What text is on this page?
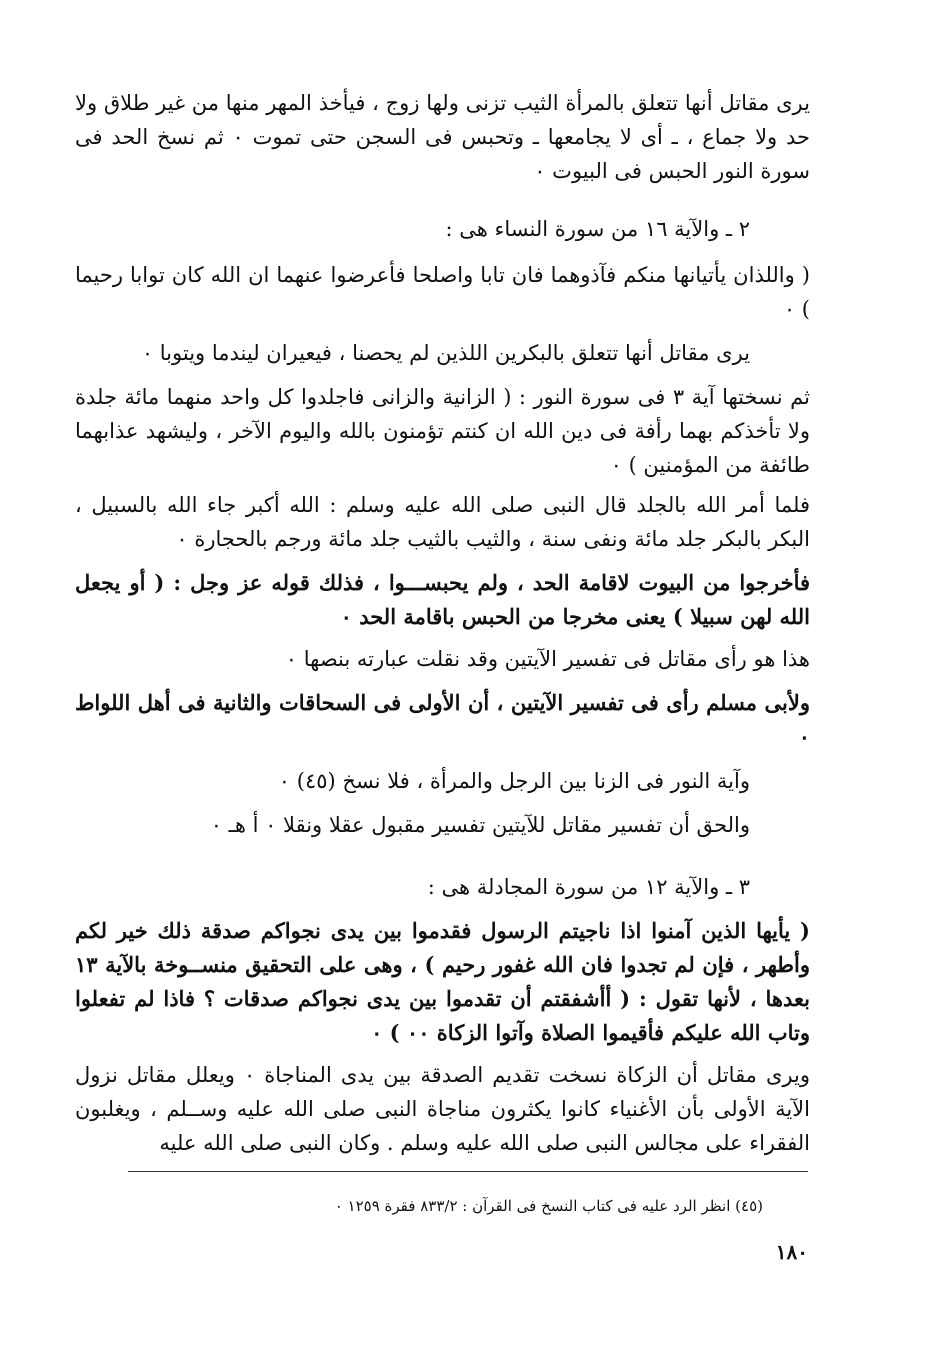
يرى مقاتل أنها تتعلق بالمرأة الثيب تزنى ولها زوج ، فيأخذ المهر منها من غير طلاق ولا حد ولا جماع ، ـ أى لا يجامعها ـ وتحبس فى السجن حتى تموت ٠ ثم نسخ الحد فى سورة النور الحبس فى البيوت ٠

٢ ـ والآية ١٦ من سورة النساء هى :

( واللذان يأتيانها منكم فآذوهما فان تابا واصلحا فأعرضوا عنهما ان الله كان توابا رحيما ) ٠

يرى مقاتل أنها تتعلق بالبكرين اللذين لم يحصنا ، فيعيران ليندما ويتوبا ٠

ثم نسختها آية ٣ فى سورة النور : ( الزانية والزانى فاجلدوا كل واحد منهما مائة جلدة ولا تأخذكم بهما رأفة فى دين الله ان كنتم تؤمنون بالله واليوم الآخر ، وليشهد عذابهما طائفة من المؤمنين ) ٠

فلما أمر الله بالجلد قال النبى صلى الله عليه وسلم : الله أكبر جاء الله بالسبيل ، البكر بالبكر جلد مائة ونفى سنة ، والثيب بالثيب جلد مائة ورجم بالحجارة ٠

فأخرجوا من البيوت لاقامة الحد ، ولم يحبســـوا ، فذلك قوله عز وجل : ( أو يجعل الله لهن سبيلا ) يعنى مخرجا من الحبس باقامة الحد ٠

هذا هو رأى مقاتل فى تفسير الآيتين وقد نقلت عبارته بنصها ٠

ولأبى مسلم رأى فى تفسير الآيتين ، أن الأولى فى السحاقات والثانية فى أهل اللواط ٠

وآية النور فى الزنا بين الرجل والمرأة ، فلا نسخ (٤٥) ٠

والحق أن تفسير مقاتل للآيتين تفسير مقبول عقلا ونقلا ٠ أ هـ ٠

٣ ـ والآية ١٢ من سورة المجادلة هى :

( يأيها الذين آمنوا اذا ناجيتم الرسول فقدموا بين يدى نجواكم صدقة ذلك خير لكم وأطهر ، فإن لم تجدوا فان الله غفور رحيم ) ، وهى على التحقيق منســوخة بالآية ١٣ بعدها ، لأنها تقول : ( أأشفقتم أن تقدموا بين يدى نجواكم صدقات ؟ فاذا لم تفعلوا وتاب الله عليكم فأقيموا الصلاة وآتوا الزكاة ٠٠ ) ٠

ويرى مقاتل أن الزكاة نسخت تقديم الصدقة بين يدى المناجاة ٠ ويعلل مقاتل نزول الآية الأولى بأن الأغنياء كانوا يكثرون مناجاة النبى صلى الله عليه وســلم ، ويغلبون الفقراء على مجالس النبى صلى الله عليه وسلم . وكان النبى صلى الله عليه

(٤٥) انظر الرد عليه فى كتاب النسخ فى القرآن : ٨٣٣/٢ فقرة ١٢٥٩ ٠

١٨٠
